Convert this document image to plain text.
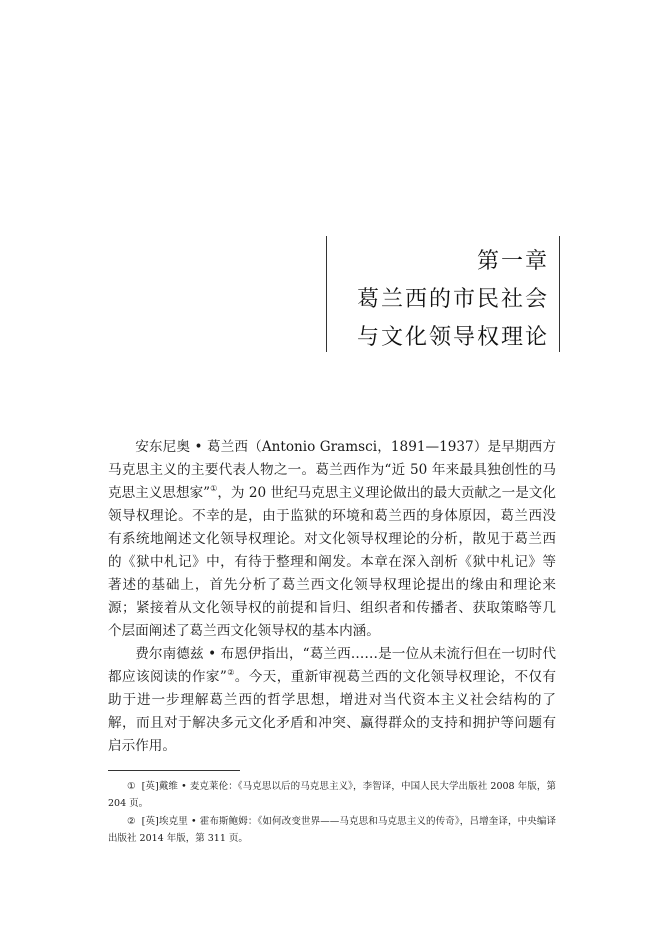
第一章
葛兰西的市民社会
与文化领导权理论

安东尼奥 • 葛兰西（Antonio Gramsci，1891—1937）是早期西方马克思主义的主要代表人物之一。葛兰西作为“近 50 年来最具独创性的马克思主义思想家”①，为 20 世纪马克思主义理论做出的最大贡献之一是文化领导权理论。不幸的是，由于监狱的环境和葛兰西的身体原因，葛兰西没有系统地阐述文化领导权理论。对文化领导权理论的分析，散见于葛兰西的《狱中札记》中，有待于整理和阐发。本章在深入剖析《狱中札记》等著述的基础上，首先分析了葛兰西文化领导权理论提出的缘由和理论来源；紧接着从文化领导权的前提和旨归、组织者和传播者、获取策略等几个层面阐述了葛兰西文化领导权的基本内涵。

费尔南德兹 • 布恩伊指出，“葛兰西……是一位从未流行但在一切时代都应该阅读的作家”②。今天，重新审视葛兰西的文化领导权理论，不仅有助于进一步理解葛兰西的哲学思想，增进对当代资本主义社会结构的了解，而且对于解决多元文化矛盾和冲突、赢得群众的支持和拥护等问题有启示作用。

① [英]戴维 • 麦克莱伦：《马克思以后的马克思主义》，李智译，中国人民大学出版社 2008 年版，第 204 页。

② [英]埃克里 • 霍布斯鲍姆：《如何改变世界——马克思和马克思主义的传奇》，吕增奎译，中央编译出版社 2014 年版，第 311 页。
